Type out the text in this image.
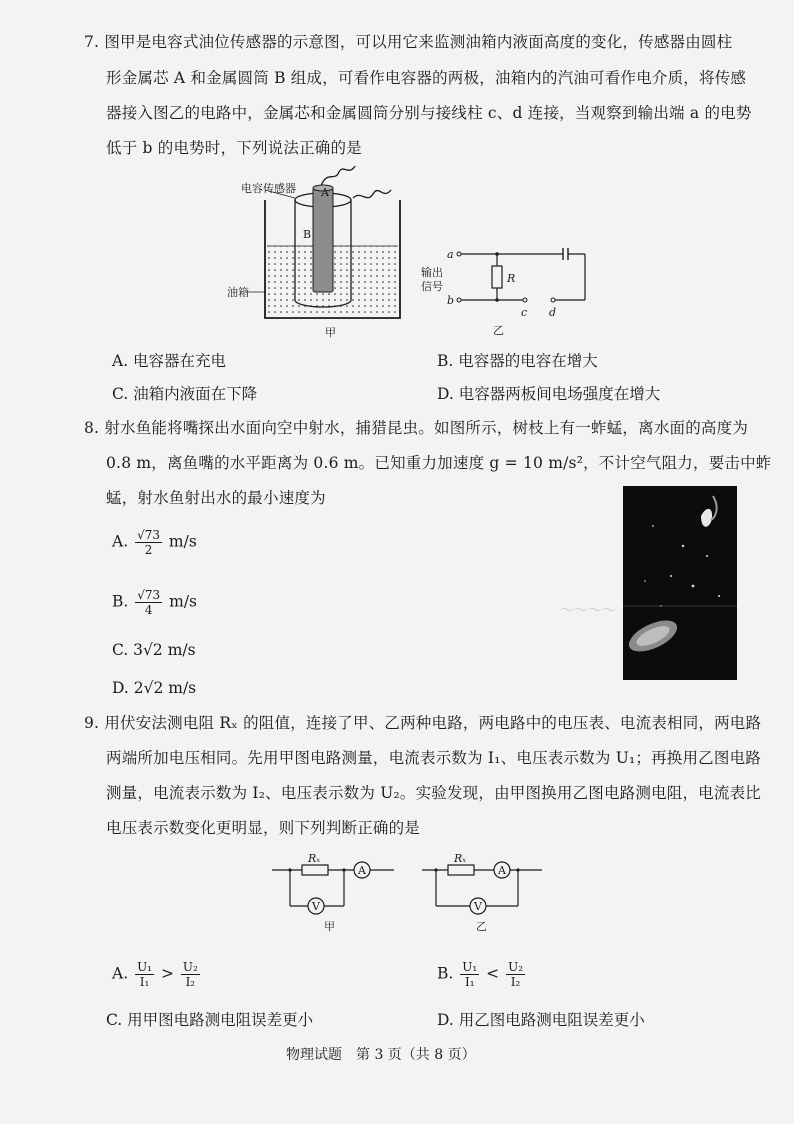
7. 图甲是电容式油位传感器的示意图，可以用它来监测油箱内液面高度的变化，传感器由圆柱
形金属芯 A 和金属圆筒 B 组成，可看作电容器的两极，油箱内的汽油可看作电介质，将传感
器接入图乙的电路中，金属芯和金属圆筒分别与接线柱 c、d 连接，当观察到输出端 a 的电势
低于 b 的电势时，下列说法正确的是
A
B
电容传感器
油箱
甲
a
b
R
c d
输出
信号
乙
A. 电容器在充电	B. 电容器的电容在增大
C. 油箱内液面在下降	D. 电容器两板间电场强度在增大
8. 射水鱼能将嘴探出水面向空中射水，捕猎昆虫。如图所示，树枝上有一蚱蜢，离水面的高度为
0.8 m，离鱼嘴的水平距离为 0.6 m。已知重力加速度 g = 10 m/s²，不计空气阻力，要击中蚱
蜢，射水鱼射出水的最小速度为
A. $\frac{√73}{2} m/s$
B. $\frac{√73}{4} m/s$
C. 3√2 m/s
D. 2√2 m/s
～～～～
9. 用伏安法测电阻 Rₓ 的阻值，连接了甲、乙两种电路，两电路中的电压表、电流表相同，两电路
两端所加电压相同。先用甲图电路测量，电流表示数为 I₁、电压表示数为 U₁；再换用乙图电路
测量，电流表示数为 I₂、电压表示数为 U₂。实验发现，由甲图换用乙图电路测电阻，电流表比
电压表示数变化更明显，则下列判断正确的是
Rₓ
A
V
甲
Rₓ
A
V
乙
A. $\frac{\text{U₁}}{\text{I₁}} > \frac{\text{U₂}}{\text{I₂}}$	B. $\frac{\text{U₁}}{\text{I₁}} < \frac{\text{U₂}}{\text{I₂}}$
C. 用甲图电路测电阻误差更小	D. 用乙图电路测电阻误差更小
物理试题　第 3 页（共 8 页）
